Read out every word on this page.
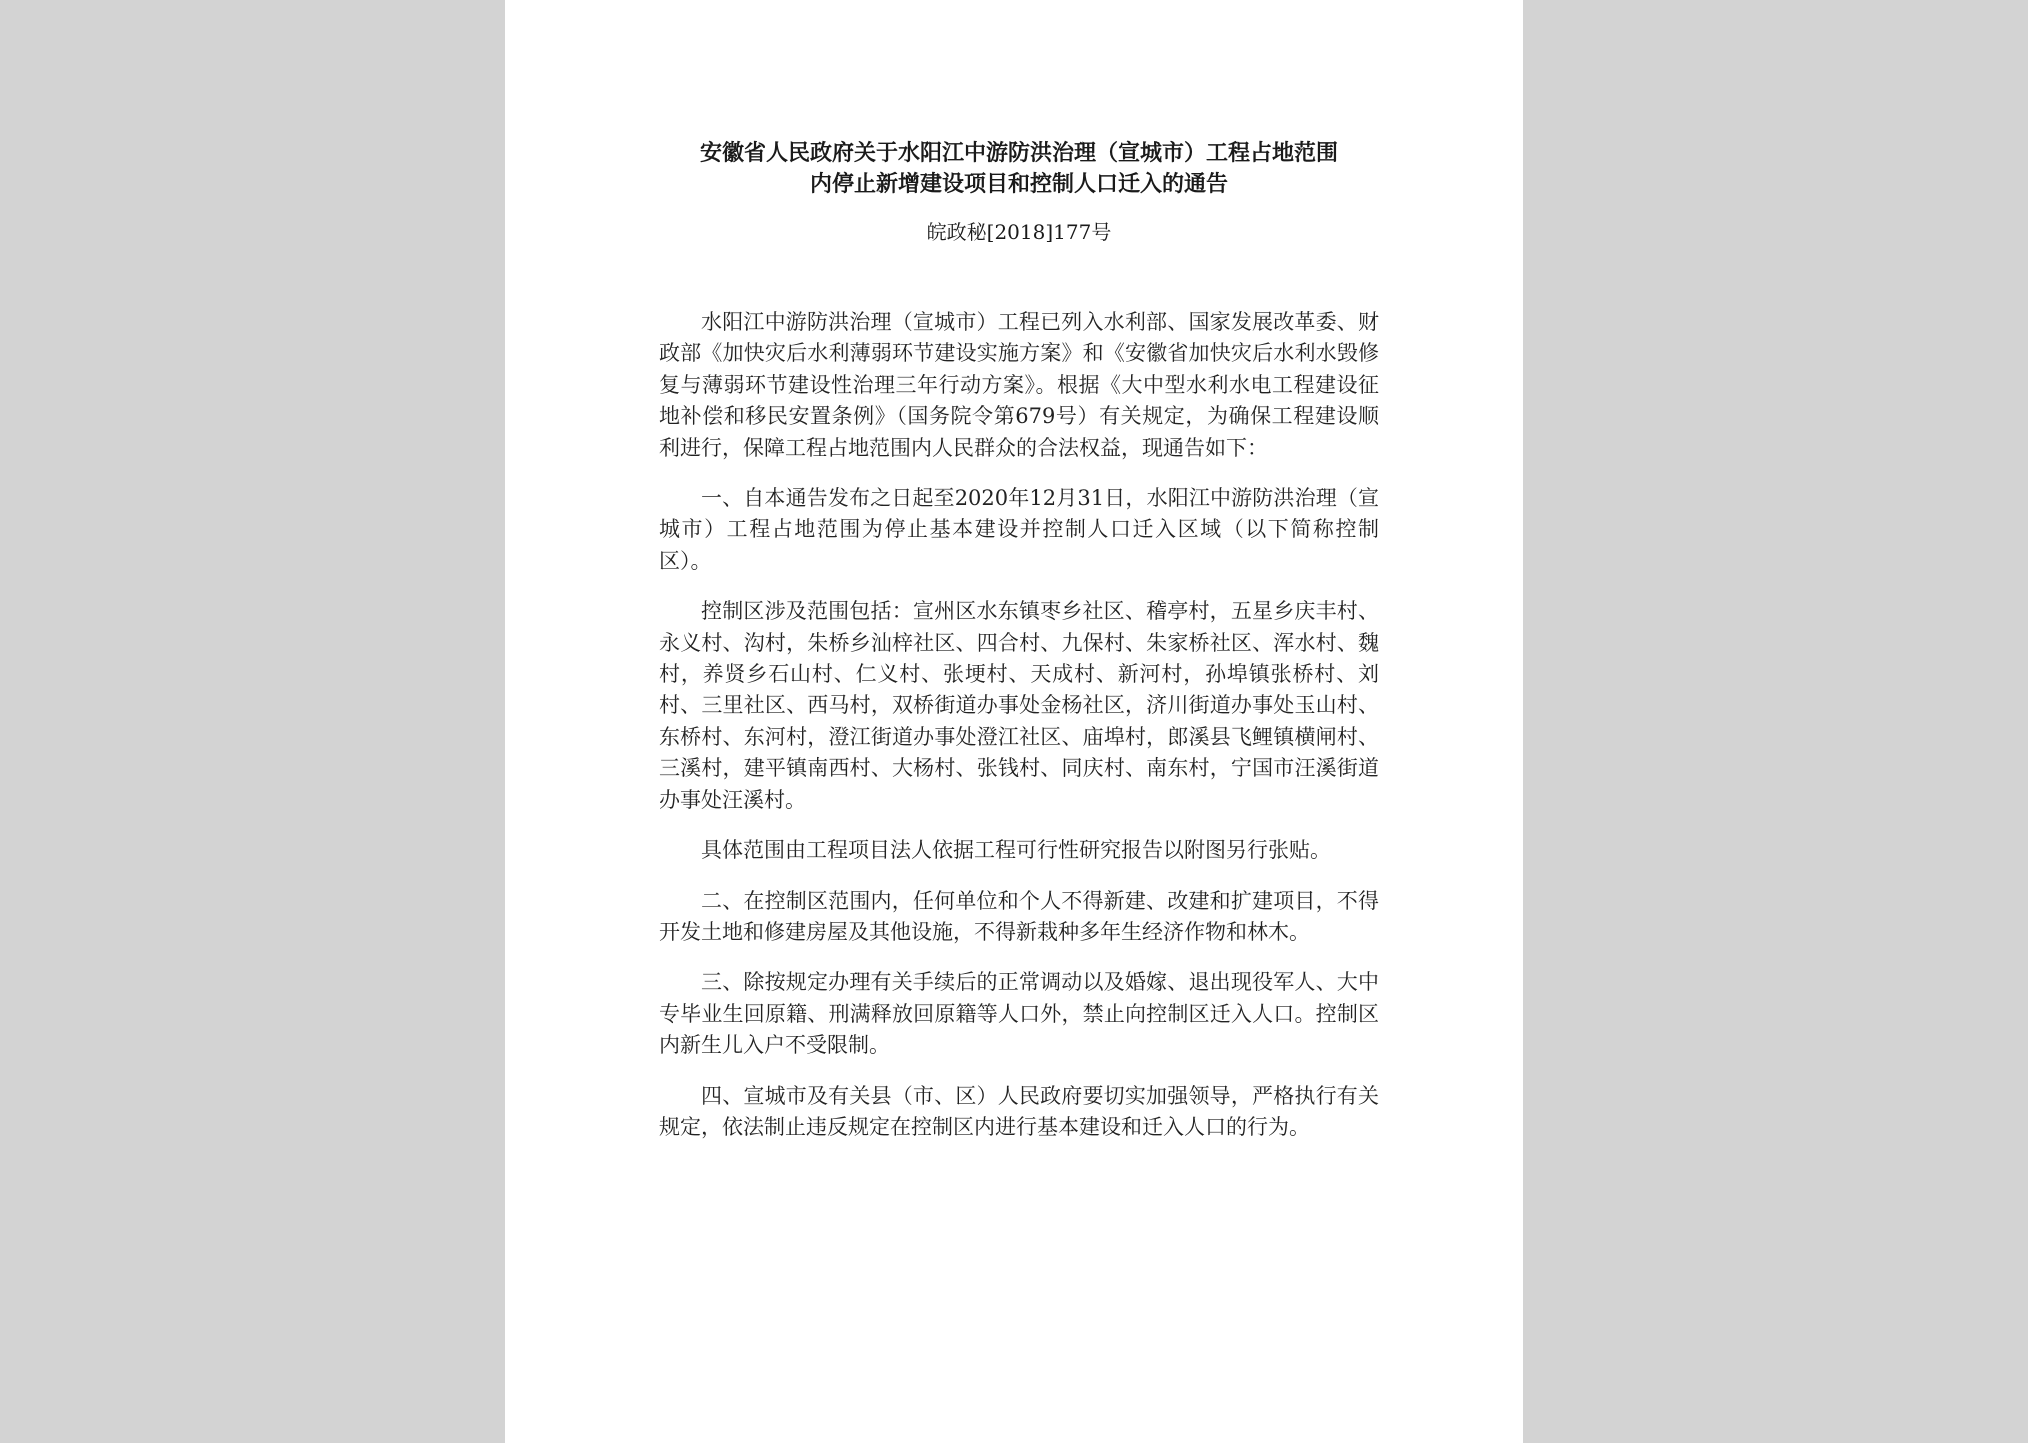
安徽省人民政府关于水阳江中游防洪治理（宣城市）工程占地范围

内停止新增建设项目和控制人口迁入的通告

皖政秘[2018]177号

水阳江中游防洪治理（宣城市）工程已列入水利部、国家发展改革委、财政部《加快灾后水利薄弱环节建设实施方案》和《安徽省加快灾后水利水毁修复与薄弱环节建设性治理三年行动方案》。根据《大中型水利水电工程建设征地补偿和移民安置条例》（国务院令第679号）有关规定，为确保工程建设顺利进行，保障工程占地范围内人民群众的合法权益，现通告如下：

一、自本通告发布之日起至2020年12月31日，水阳江中游防洪治理（宣城市）工程占地范围为停止基本建设并控制人口迁入区域（以下简称控制区）。

控制区涉及范围包括：宣州区水东镇枣乡社区、稽亭村，五星乡庆丰村、永义村、沟村，朱桥乡汕梓社区、四合村、九保村、朱家桥社区、浑水村、魏村，养贤乡石山村、仁义村、张埂村、天成村、新河村，孙埠镇张桥村、刘村、三里社区、西马村，双桥街道办事处金杨社区，济川街道办事处玉山村、东桥村、东河村，澄江街道办事处澄江社区、庙埠村，郎溪县飞鲤镇横闸村、三溪村，建平镇南西村、大杨村、张钱村、同庆村、南东村，宁国市汪溪街道办事处汪溪村。

具体范围由工程项目法人依据工程可行性研究报告以附图另行张贴。

二、在控制区范围内，任何单位和个人不得新建、改建和扩建项目，不得开发土地和修建房屋及其他设施，不得新栽种多年生经济作物和林木。

三、除按规定办理有关手续后的正常调动以及婚嫁、退出现役军人、大中专毕业生回原籍、刑满释放回原籍等人口外，禁止向控制区迁入人口。控制区内新生儿入户不受限制。

四、宣城市及有关县（市、区）人民政府要切实加强领导，严格执行有关规定，依法制止违反规定在控制区内进行基本建设和迁入人口的行为。
